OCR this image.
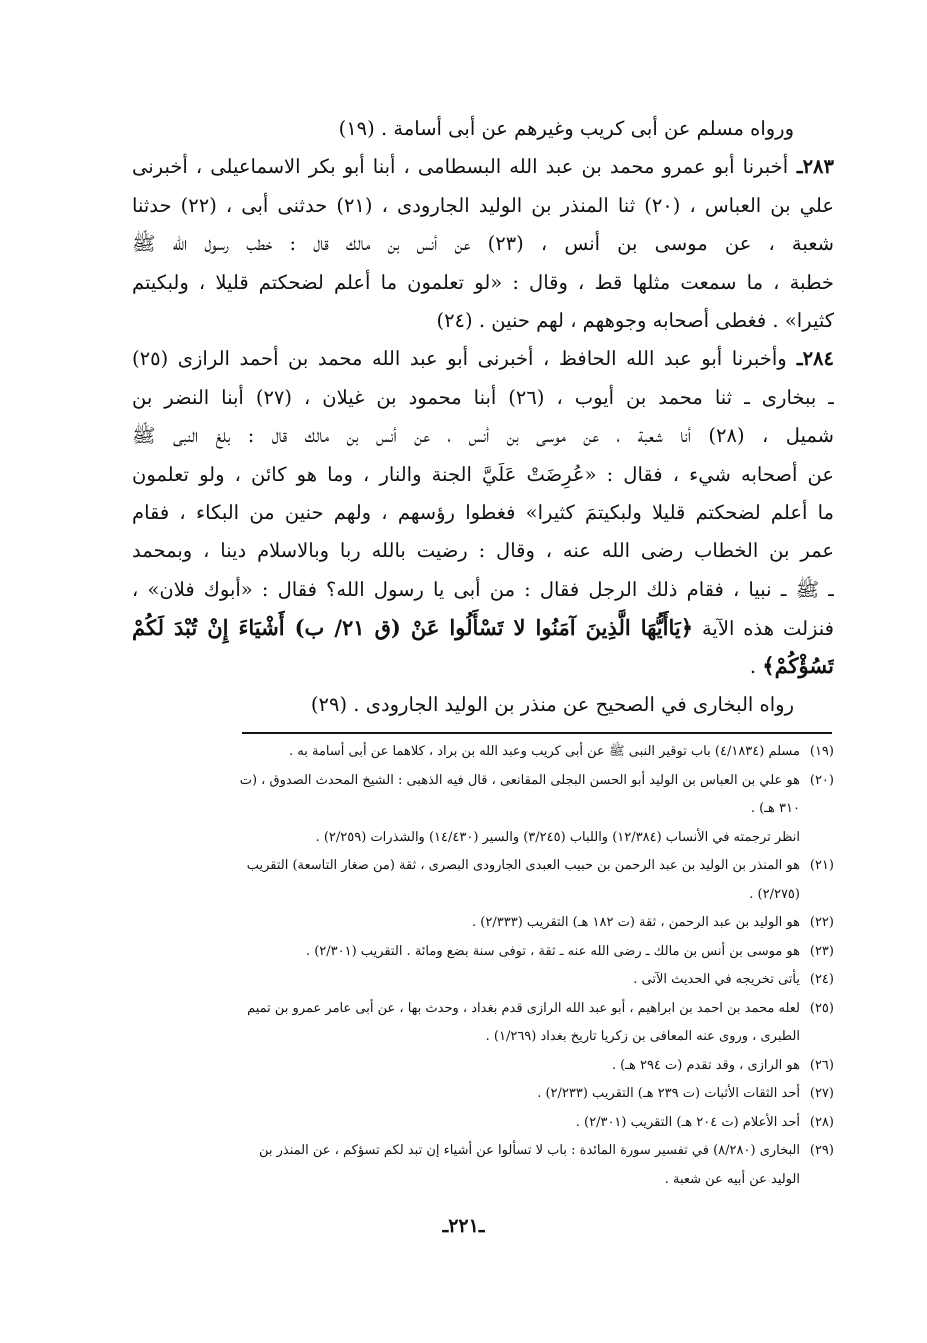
ورواه مسلم عن أبى كريب وغيرهم عن أبى أسامة . (١٩)
٢٨٣ـ أخبرنا أبو عمرو محمد بن عبد الله البسطامى ، أبنا أبو بكر الاسماعيلى ، أخبرنى
علي بن العباس ، (٢٠) ثنا المنذر بن الوليد الجارودى ، (٢١) حدثنى أبى ، (٢٢) حدثنا
شعبة ، عن موسى بن أنس ، (٢٣) عن أنس بن مالك قال : خطب رسول الله ﷺ
خطبة ، ما سمعت مثلها قط ، وقال : «لو تعلمون ما أعلم لضحكتم قليلا ، ولبكيتم
كثيرا» . فغطى أصحابه وجوههم ، لهم حنين . (٢٤)
٢٨٤ـ وأخبرنا أبو عبد الله الحافظ ، أخبرنى أبو عبد الله محمد بن أحمد الرازى (٢٥)
ـ ببخارى ـ ثنا محمد بن أيوب ، (٢٦) أبنا محمود بن غيلان ، (٢٧) أبنا النضر بن
شميل ، (٢٨) أنا شعبة ، عن موسى بن أنس ، عن أنس بن مالك قال : بلغ النبى ﷺ
عن أصحابه شيء ، فقال : «عُرِضَتْ عَلَيَّ الجنة والنار ، وما هو كائن ، ولو تعلمون
ما أعلم لضحكتم قليلا ولبكيتمَ كثيرا» فغطوا رؤسهم ، ولهم حنين من البكاء ، فقام
عمر بن الخطاب رضى الله عنه ، وقال : رضيت بالله ربا وبالاسلام دينا ، وبمحمد
ـ ﷺ ـ نبيا ، فقام ذلك الرجل فقال : من أبى يا رسول الله؟ فقال : «أبوك فلان» ،
فنزلت هذه الآية ﴿يَاأَيُّهَا الَّذِينَ آمَنُوا لا تَسْأَلُوا عَنْ (ق ٢١/ ب) أَشْيَاءَ إِنْ تُبْدَ لَكُمْ
تَسُؤْكُمْ﴾ .
رواه البخارى في الصحيح عن منذر بن الوليد الجارودى . (٢٩)
(١٩)
مسلم (٤/١٨٣٤) باب توقير النبى ﷺ عن أبى كريب وعبد الله بن براد ، كلاهما عن أبى أسامة به .
(٢٠)
هو علي بن العباس بن الوليد أبو الحسن البجلى المقانعى ، قال فيه الذهبى : الشيخ المحدث الصدوق ، (ت
٣١٠ هـ) .
انظر ترجمته في الأنساب (١٢/٣٨٤) واللباب (٣/٢٤٥) والسير (١٤/٤٣٠) والشذرات (٢/٢٥٩) .
(٢١)
هو المنذر بن الوليد بن عبد الرحمن بن حبيب العبدى الجارودى البصرى ، ثقة (من صغار التاسعة) التقريب
(٢/٢٧٥) .
(٢٢)
هو الوليد بن عبد الرحمن ، ثقة (ت ١٨٢ هـ) التقريب (٢/٣٣٣) .
(٢٣)
هو موسى بن أنس بن مالك ـ رضى الله عنه ـ ثقة ، توفى سنة بضع ومائة . التقريب (٢/٣٠١) .
(٢٤)
يأتى تخريجه في الحديث الآتى .
(٢٥)
لعله محمد بن احمد بن ابراهيم ، أبو عبد الله الرازى قدم بغداد ، وحدث بها ، عن أبى عامر عمرو بن تميم
الطبرى ، وروى عنه المعافى بن زكريا تاريخ بغداد (١/٢٦٩) .
(٢٦)
هو الرازى ، وقد تقدم (ت ٢٩٤ هـ) .
(٢٧)
أحد الثقات الأثبات (ت ٢٣٩ هـ) التقريب (٢/٢٣٣) .
(٢٨)
أحد الأعلام (ت ٢٠٤ هـ) التقريب (٢/٣٠١) .
(٢٩)
البخارى (٨/٢٨٠) في تفسير سورة المائدة : باب لا تسألوا عن أشياء إن تبد لكم تسؤكم ، عن المنذر بن
الوليد عن أبيه عن شعبة .
ـ٢٢١ـ
